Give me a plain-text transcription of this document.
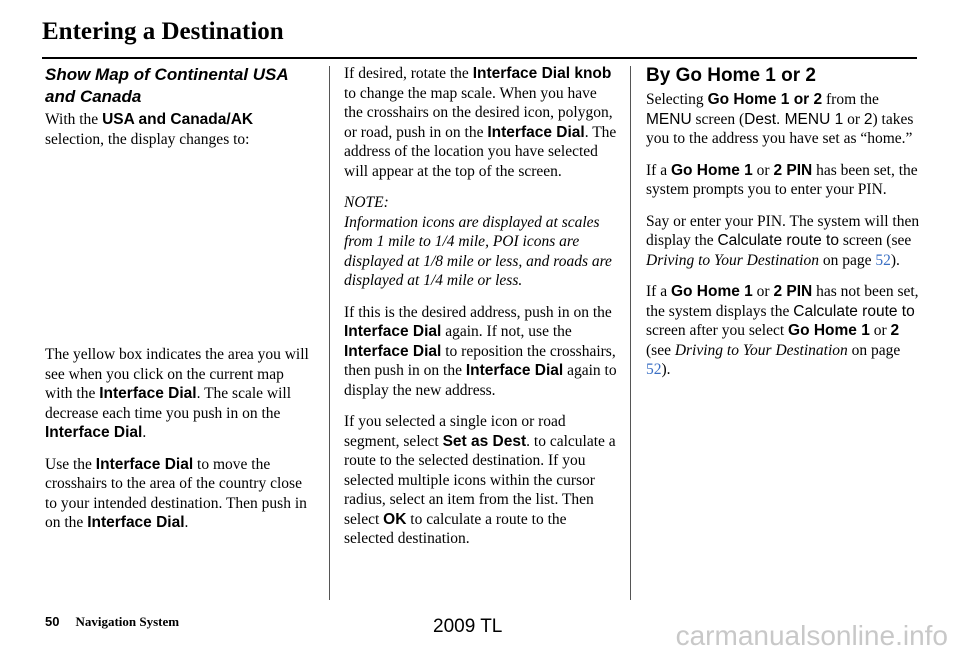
Entering a Destination
Show Map of Continental USA and Canada

With the USA and Canada/AK
selection, the display changes to:

The yellow box indicates the area you will see when you click on the current map with the Interface Dial. The scale will decrease each time you push in on the Interface Dial.

Use the Interface Dial to move the crosshairs to the area of the country close to your intended destination. Then push in on the Interface Dial.

If desired, rotate the Interface Dial knob to change the map scale. When you have the crosshairs on the desired icon, polygon, or road, push in on the Interface Dial. The address of the location you have selected will appear at the top of the screen.

NOTE:
Information icons are displayed at scales from 1 mile to 1/4 mile, POI icons are displayed at 1/8 mile or less, and roads are displayed at 1/4 mile or less.

If this is the desired address, push in on the Interface Dial again. If not, use the Interface Dial to reposition the crosshairs, then push in on the Interface Dial again to display the new address.

If you selected a single icon or road segment, select Set as Dest. to calculate a route to the selected destination. If you selected multiple icons within the cursor radius, select an item from the list. Then select OK to calculate a route to the selected destination.

By Go Home 1 or 2

Selecting Go Home 1 or 2 from the MENU screen (Dest. MENU 1 or 2) takes you to the address you have set as “home.”

If a Go Home 1 or 2 PIN has been set, the system prompts you to enter your PIN.

Say or enter your PIN. The system will then display the Calculate route to screen (see Driving to Your Destination on page 52).

If a Go Home 1 or 2 PIN has not been set, the system displays the Calculate route to screen after you select Go Home 1 or 2 (see Driving to Your Destination on page 52).

50 Navigation System	2009 TL	carmanualsonline.info
